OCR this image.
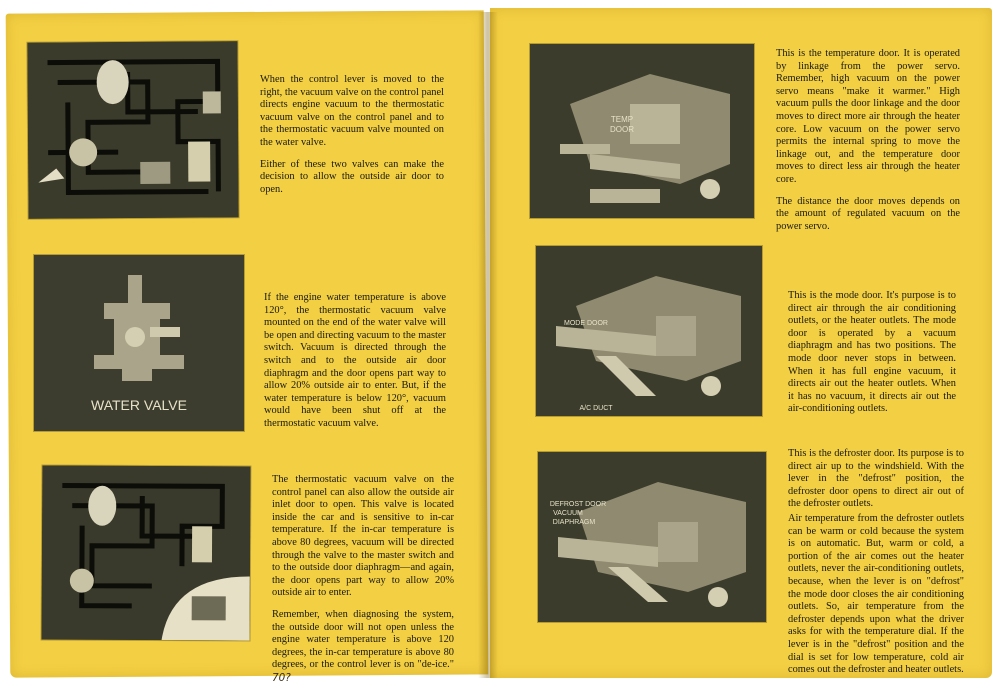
When the control lever is moved to the right, the vacuum valve on the control panel directs engine vacuum to the thermostatic vacuum valve on the control panel and to the thermostatic vacuum valve mounted on the water valve.

Either of these two valves can make the decision to allow the outside air door to open.

WATER VALVE

If the engine water temperature is above 120°, the thermostatic vacuum valve mounted on the end of the water valve will be open and directing vacuum to the master switch. Vacuum is directed through the switch and to the outside air door diaphragm and the door opens part way to allow 20% outside air to enter. But, if the water temperature is below 120°, vacuum would have been shut off at the thermostatic vacuum valve.

The thermostatic vacuum valve on the control panel can also allow the outside air inlet door to open. This valve is located inside the car and is sensitive to in-car temperature. If the in-car temperature is above 80 degrees, vacuum will be directed through the valve to the master switch and to the outside door diaphragm—and again, the door opens part way to allow 20% outside air to enter.

Remember, when diagnosing the system, the outside door will not open unless the engine water temperature is above 120 degrees, the in-car temperature is above 80 degrees, or the control lever is on "de-ice." 70?

TEMP
DOOR

This is the temperature door. It is operated by linkage from the power servo. Remember, high vacuum on the power servo means "make it warmer." High vacuum pulls the door linkage and the door moves to direct more air through the heater core. Low vacuum on the power servo permits the internal spring to move the linkage out, and the temperature door moves to direct less air through the heater core.

The distance the door moves depends on the amount of regulated vacuum on the power servo.

MODE DOOR
A/C DUCT

This is the mode door. It's purpose is to direct air through the air conditioning outlets, or the heater outlets. The mode door is operated by a vacuum diaphragm and has two positions. The mode door never stops in between. When it has full engine vacuum, it directs air out the heater outlets. When it has no vacuum, it directs air out the air-conditioning outlets.

DEFROST DOOR
VACUUM
DIAPHRAGM

This is the defroster door. Its purpose is to direct air up to the windshield. With the lever in the "defrost" position, the defroster door opens to direct air out of the defroster outlets.

Air temperature from the defroster outlets can be warm or cold because the system is on automatic. But, warm or cold, a portion of the air comes out the heater outlets, never the air-conditioning outlets, because, when the lever is on "defrost" the mode door closes the air conditioning outlets. So, air temperature from the defroster depends upon what the driver asks for with the temperature dial. If the lever is in the "defrost" position and the dial is set for low temperature, cold air comes out the defroster and heater outlets.
